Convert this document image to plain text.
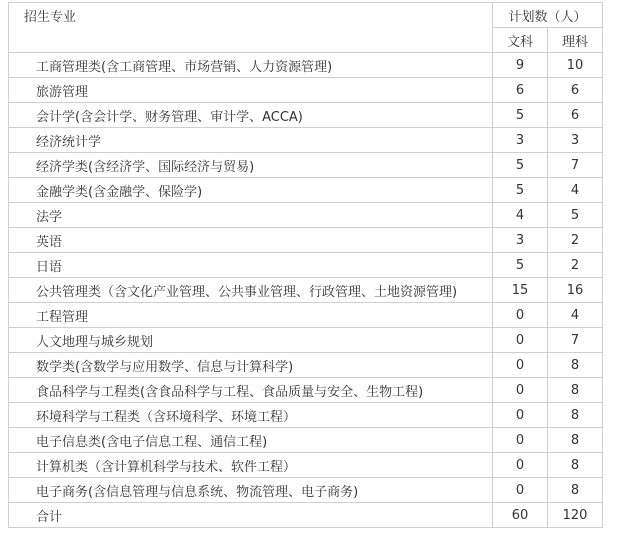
招生专业	计划数（人）	
	文科	理科
工商管理类(含工商管理、市场营销、人力资源管理)	9	10
旅游管理	6	6
会计学(含会计学、财务管理、审计学、ACCA)	5	6
经济统计学	3	3
经济学类(含经济学、国际经济与贸易)	5	7
金融学类(含金融学、保险学)	5	4
法学	4	5
英语	3	2
日语	5	2
公共管理类（含文化产业管理、公共事业管理、行政管理、土地资源管理)	15	16
工程管理	0	4
人文地理与城乡规划	0	7
数学类(含数学与应用数学、信息与计算科学)	0	8
食品科学与工程类(含食品科学与工程、食品质量与安全、生物工程)	0	8
环境科学与工程类（含环境科学、环境工程）	0	8
电子信息类(含电子信息工程、通信工程)	0	8
计算机类（含计算机科学与技术、软件工程）	0	8
电子商务(含信息管理与信息系统、物流管理、电子商务)	0	8
合计	60	120
